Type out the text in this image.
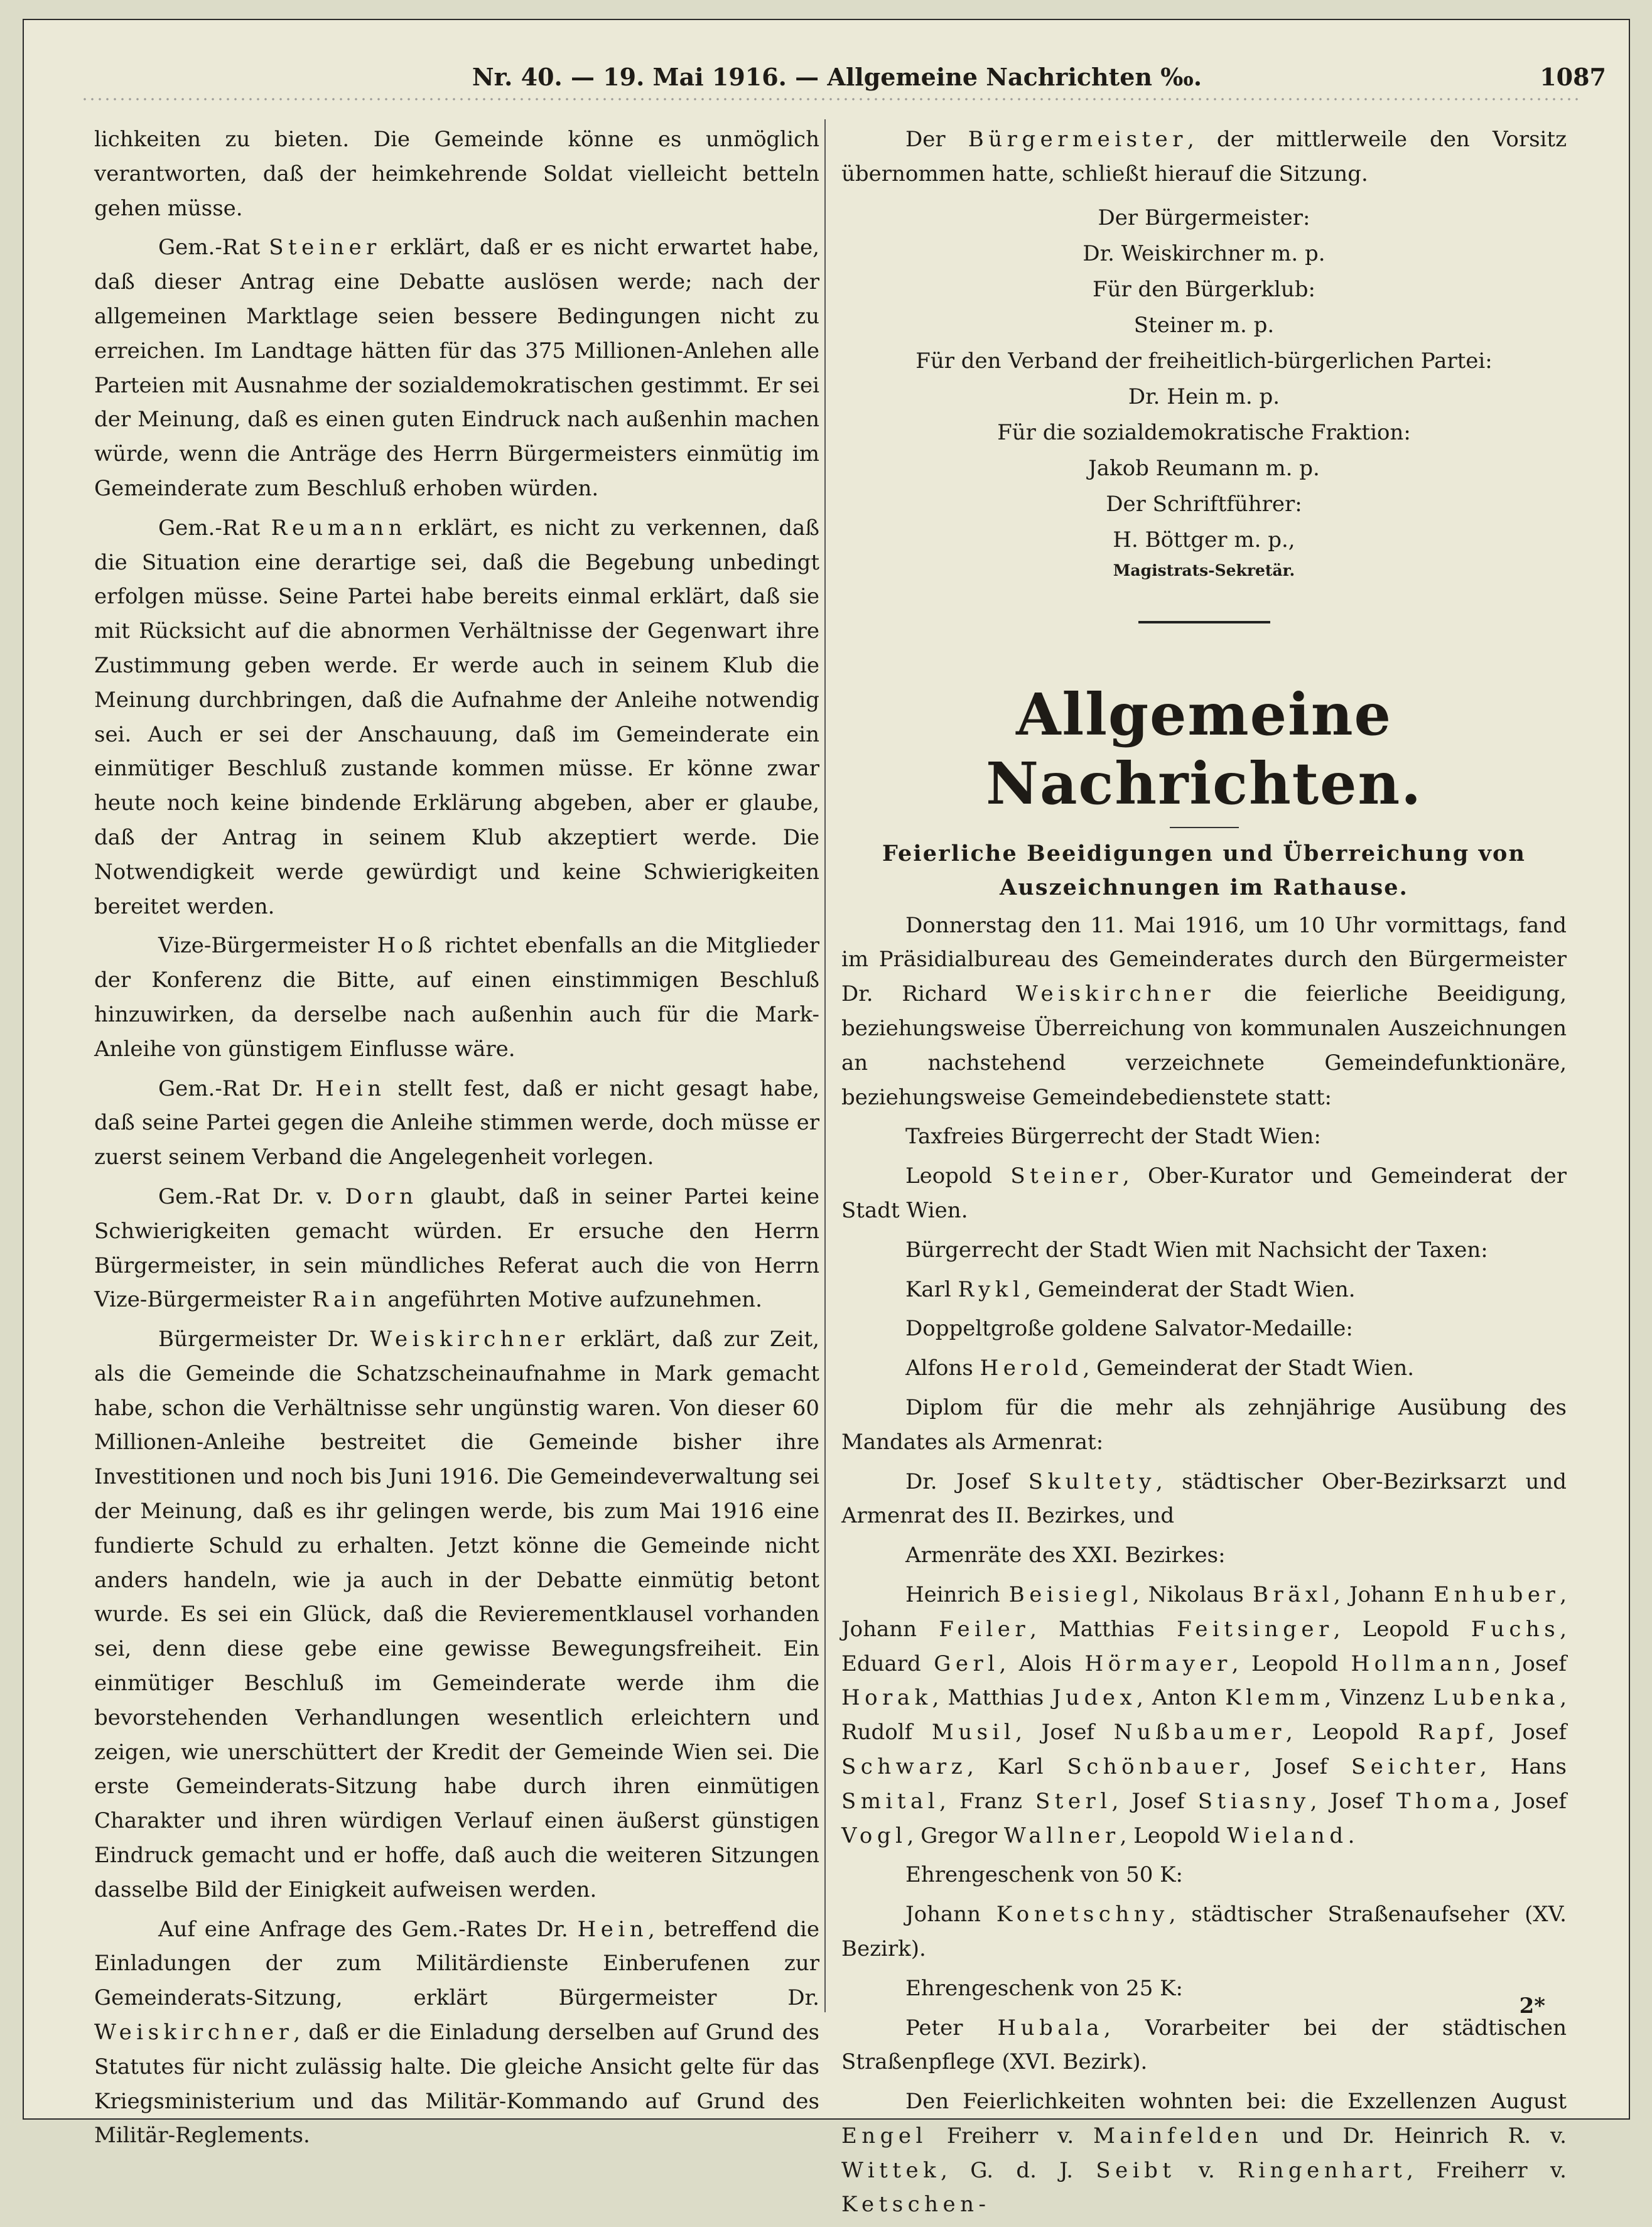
Nr. 40. — 19. Mai 1916. — Allgemeine Nachrichten ‰.	1087

lichkeiten zu bieten. Die Gemeinde könne es unmöglich verantworten, daß der heimkehrende Soldat vielleicht betteln gehen müsse.

Gem.-Rat Steiner erklärt, daß er es nicht erwartet habe, daß dieser Antrag eine Debatte auslösen werde; nach der allgemeinen Marktlage seien bessere Bedingungen nicht zu erreichen. Im Landtage hätten für das 375 Millionen-Anlehen alle Parteien mit Ausnahme der sozialdemokratischen gestimmt. Er sei der Meinung, daß es einen guten Eindruck nach außenhin machen würde, wenn die Anträge des Herrn Bürgermeisters einmütig im Gemeinderate zum Beschluß erhoben würden.

Gem.-Rat Reumann erklärt, es nicht zu verkennen, daß die Situation eine derartige sei, daß die Begebung unbedingt erfolgen müsse. Seine Partei habe bereits einmal erklärt, daß sie mit Rücksicht auf die abnormen Verhältnisse der Gegenwart ihre Zustimmung geben werde. Er werde auch in seinem Klub die Meinung durchbringen, daß die Aufnahme der Anleihe notwendig sei. Auch er sei der Anschauung, daß im Gemeinderate ein einmütiger Beschluß zustande kommen müsse. Er könne zwar heute noch keine bindende Erklärung abgeben, aber er glaube, daß der Antrag in seinem Klub akzeptiert werde. Die Notwendigkeit werde gewürdigt und keine Schwierigkeiten bereitet werden.

Vize-Bürgermeister Hoß richtet ebenfalls an die Mitglieder der Konferenz die Bitte, auf einen einstimmigen Beschluß hinzuwirken, da derselbe nach außenhin auch für die Mark-Anleihe von günstigem Einflusse wäre.

Gem.-Rat Dr. Hein stellt fest, daß er nicht gesagt habe, daß seine Partei gegen die Anleihe stimmen werde, doch müsse er zuerst seinem Verband die Angelegenheit vorlegen.

Gem.-Rat Dr. v. Dorn glaubt, daß in seiner Partei keine Schwierigkeiten gemacht würden. Er ersuche den Herrn Bürgermeister, in sein mündliches Referat auch die von Herrn Vize-Bürgermeister Rain angeführten Motive aufzunehmen.

Bürgermeister Dr. Weiskirchner erklärt, daß zur Zeit, als die Gemeinde die Schatzscheinaufnahme in Mark gemacht habe, schon die Verhältnisse sehr ungünstig waren. Von dieser 60 Millionen-Anleihe bestreitet die Gemeinde bisher ihre Investitionen und noch bis Juni 1916. Die Gemeindeverwaltung sei der Meinung, daß es ihr gelingen werde, bis zum Mai 1916 eine fundierte Schuld zu erhalten. Jetzt könne die Gemeinde nicht anders handeln, wie ja auch in der Debatte einmütig betont wurde. Es sei ein Glück, daß die Revierementklausel vorhanden sei, denn diese gebe eine gewisse Bewegungsfreiheit. Ein einmütiger Beschluß im Gemeinderate werde ihm die bevorstehenden Verhandlungen wesentlich erleichtern und zeigen, wie unerschüttert der Kredit der Gemeinde Wien sei. Die erste Gemeinderats-Sitzung habe durch ihren einmütigen Charakter und ihren würdigen Verlauf einen äußerst günstigen Eindruck gemacht und er hoffe, daß auch die weiteren Sitzungen dasselbe Bild der Einigkeit aufweisen werden.

Auf eine Anfrage des Gem.-Rates Dr. Hein, betreffend die Einladungen der zum Militärdienste Einberufenen zur Gemeinderats-Sitzung, erklärt Bürgermeister Dr. Weiskirchner, daß er die Einladung derselben auf Grund des Statutes für nicht zulässig halte. Die gleiche Ansicht gelte für das Kriegsministerium und das Militär-Kommando auf Grund des Militär-Reglements.

Der Bürgermeister, der mittlerweile den Vorsitz übernommen hatte, schließt hierauf die Sitzung.

Der Bürgermeister:

Dr. Weiskirchner m. p.

Für den Bürgerklub:

Steiner m. p.

Für den Verband der freiheitlich-bürgerlichen Partei:

Dr. Hein m. p.

Für die sozialdemokratische Fraktion:

Jakob Reumann m. p.

Der Schriftführer:

H. Böttger m. p.,

Magistrats-Sekretär.

Allgemeine Nachrichten.

Feierliche Beeidigungen und Überreichung von Auszeichnungen im Rathause.

Donnerstag den 11. Mai 1916, um 10 Uhr vormittags, fand im Präsidialbureau des Gemeinderates durch den Bürgermeister Dr. Richard Weiskirchner die feierliche Beeidigung, beziehungsweise Überreichung von kommunalen Auszeichnungen an nachstehend verzeichnete Gemeindefunktionäre, beziehungsweise Gemeindebedienstete statt:

Taxfreies Bürgerrecht der Stadt Wien:

Leopold Steiner, Ober-Kurator und Gemeinderat der Stadt Wien.

Bürgerrecht der Stadt Wien mit Nachsicht der Taxen:

Karl Rykl, Gemeinderat der Stadt Wien.

Doppeltgroße goldene Salvator-Medaille:

Alfons Herold, Gemeinderat der Stadt Wien.

Diplom für die mehr als zehnjährige Ausübung des Mandates als Armenrat:

Dr. Josef Skultety, städtischer Ober-Bezirksarzt und Armenrat des II. Bezirkes, und

Armenräte des XXI. Bezirkes:

Heinrich Beisiegl, Nikolaus Bräxl, Johann Enhuber, Johann Feiler, Matthias Feitsinger, Leopold Fuchs, Eduard Gerl, Alois Hörmayer, Leopold Hollmann, Josef Horak, Matthias Judex, Anton Klemm, Vinzenz Lubenka, Rudolf Musil, Josef Nußbaumer, Leopold Rapf, Josef Schwarz, Karl Schönbauer, Josef Seichter, Hans Smital, Franz Sterl, Josef Stiasny, Josef Thoma, Josef Vogl, Gregor Wallner, Leopold Wieland.

Ehrengeschenk von 50 K:

Johann Konetschny, städtischer Straßenaufseher (XV. Bezirk).

Ehrengeschenk von 25 K:

Peter Hubala, Vorarbeiter bei der städtischen Straßenpflege (XVI. Bezirk).

Den Feierlichkeiten wohnten bei: die Exzellenzen August Engel Freiherr v. Mainfelden und Dr. Heinrich R. v. Wittek, G. d. J. Seibt v. Ringenhart, Freiherr v. Ketschen-

2*
